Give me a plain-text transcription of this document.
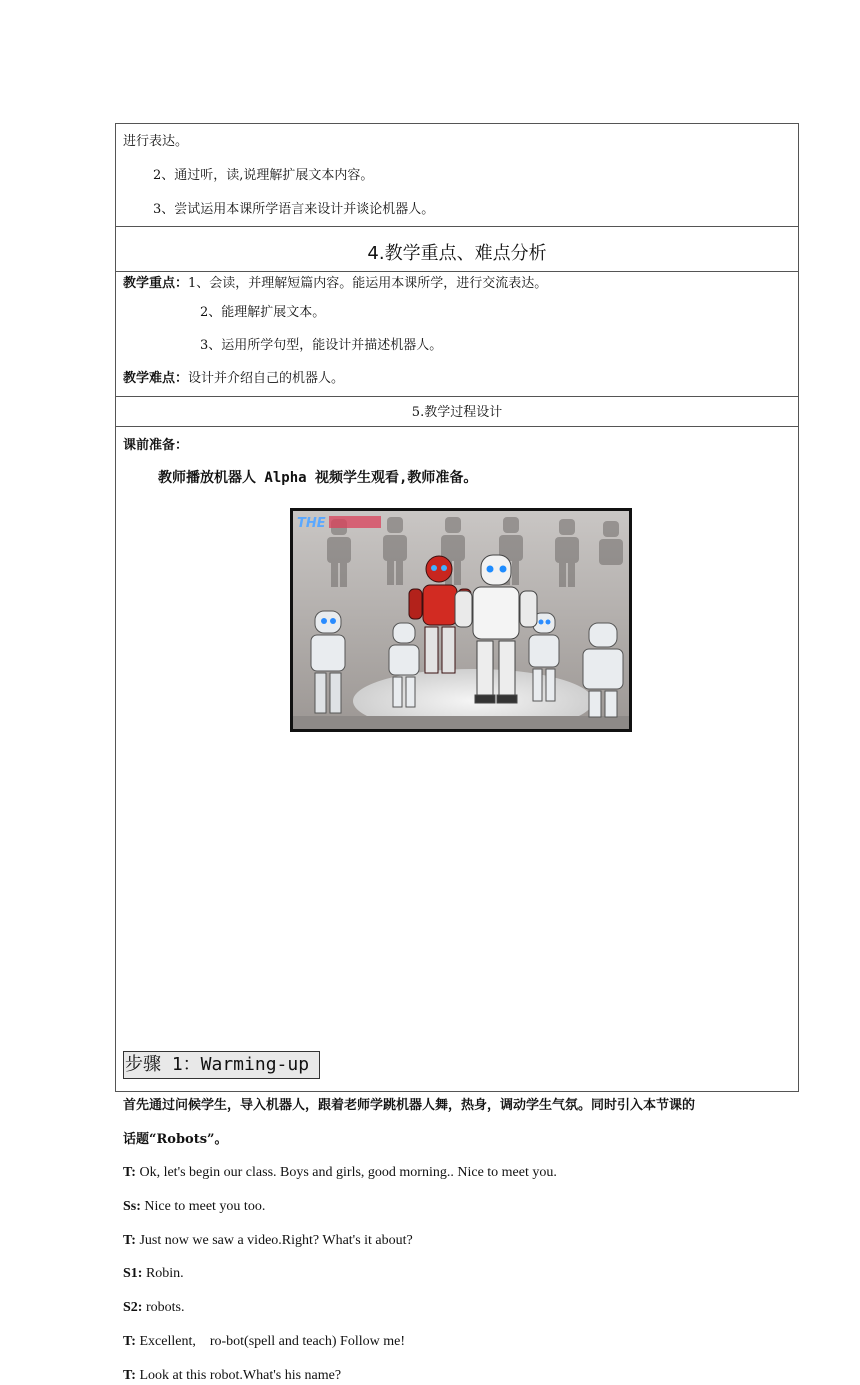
进行表达。
2、通过听，读,说理解扩展文本内容。
3、尝试运用本课所学语言来设计并谈论机器人。
4.教学重点、难点分析
教学重点：1、会读，并理解短篇内容。能运用本课所学，进行交流表达。
2、能理解扩展文本。
3、运用所学句型，能设计并描述机器人。
教学难点：设计并介绍自己的机器人。
5.教学过程设计
课前准备：
教师播放机器人 Alpha 视频学生观看,教师准备。
THE
步骤 1：Warming-up
首先通过问候学生，导入机器人，跟着老师学跳机器人舞，热身，调动学生气氛。同时引入本节课的
话题“Robots”。
T: Ok, let's begin our class. Boys and girls, good morning.. Nice to meet you.
Ss: Nice to meet you too.
T: Just now we saw a video.Right? What's it about?
S1: Robin.
S2: robots.
T: Excellent,    ro-bot(spell and teach) Follow me!
T: Look at this robot.What's his name?
